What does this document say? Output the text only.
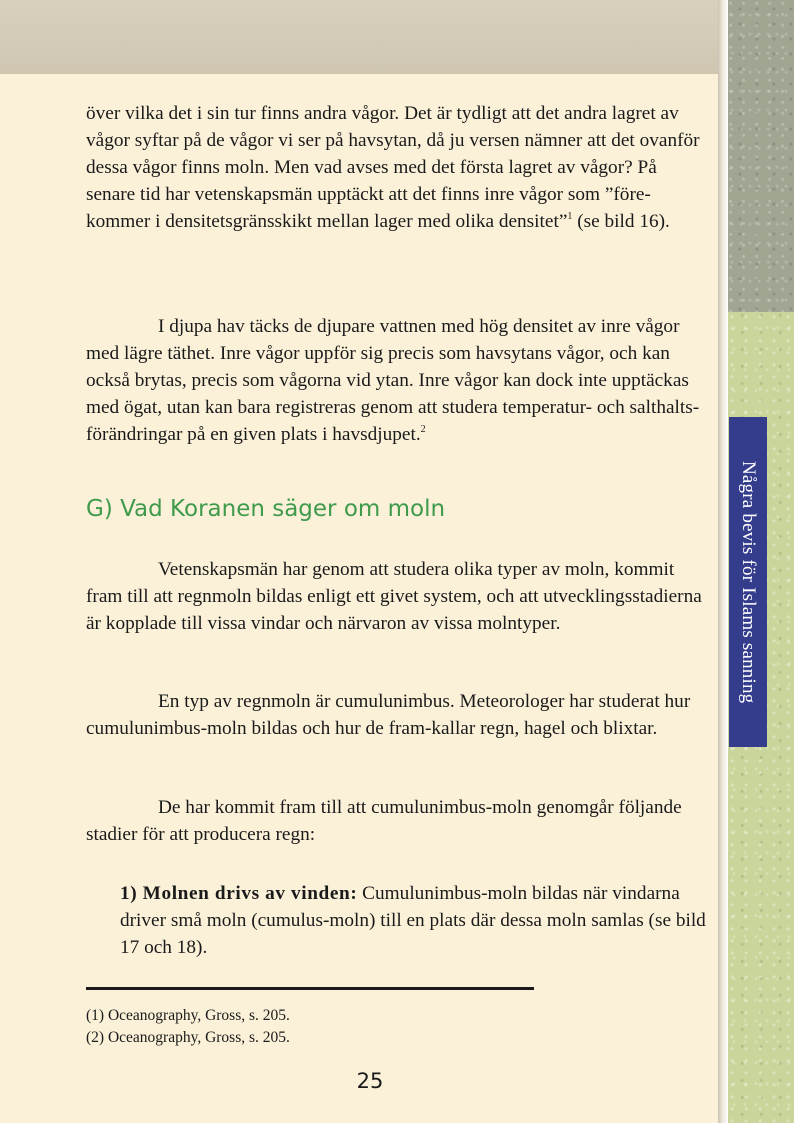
Några bevis för Islams sanning

över vilka det i sin tur finns andra vågor. Det är tydligt att det andra lagret av vågor syftar på de vågor vi ser på havsytan, då ju versen nämner att det ovanför dessa vågor finns moln. Men vad avses med det första lagret av vågor? På senare tid har vetenskapsmän upptäckt att det finns inre vågor som ”före-kommer i densitetsgränsskikt mellan lager med olika densitet”$^1$ (se bild 16).

I djupa hav täcks de djupare vattnen med hög densitet av inre vågor med lägre täthet. Inre vågor uppför sig precis som havsytans vågor, och kan också brytas, precis som vågorna vid ytan. Inre vågor kan dock inte upptäckas med ögat, utan kan bara registreras genom att studera temperatur- och salthalts-förändringar på en given plats i havsdjupet.$^2$

G) Vad Koranen säger om moln

Vetenskapsmän har genom att studera olika typer av moln, kommit fram till att regnmoln bildas enligt ett givet system, och att utvecklingsstadierna är kopplade till vissa vindar och närvaron av vissa molntyper.

En typ av regnmoln är cumulunimbus. Meteorologer har studerat hur cumulunimbus-moln bildas och hur de fram-kallar regn, hagel och blixtar.

De har kommit fram till att cumulunimbus-moln genomgår följande stadier för att producera regn:

1) Molnen drivs av vinden: Cumulunimbus-moln bildas när vindarna driver små moln (cumulus-moln) till en plats där dessa moln samlas (se bild 17 och 18).

(1) Oceanography, Gross, s. 205.
(2) Oceanography, Gross, s. 205.
25
